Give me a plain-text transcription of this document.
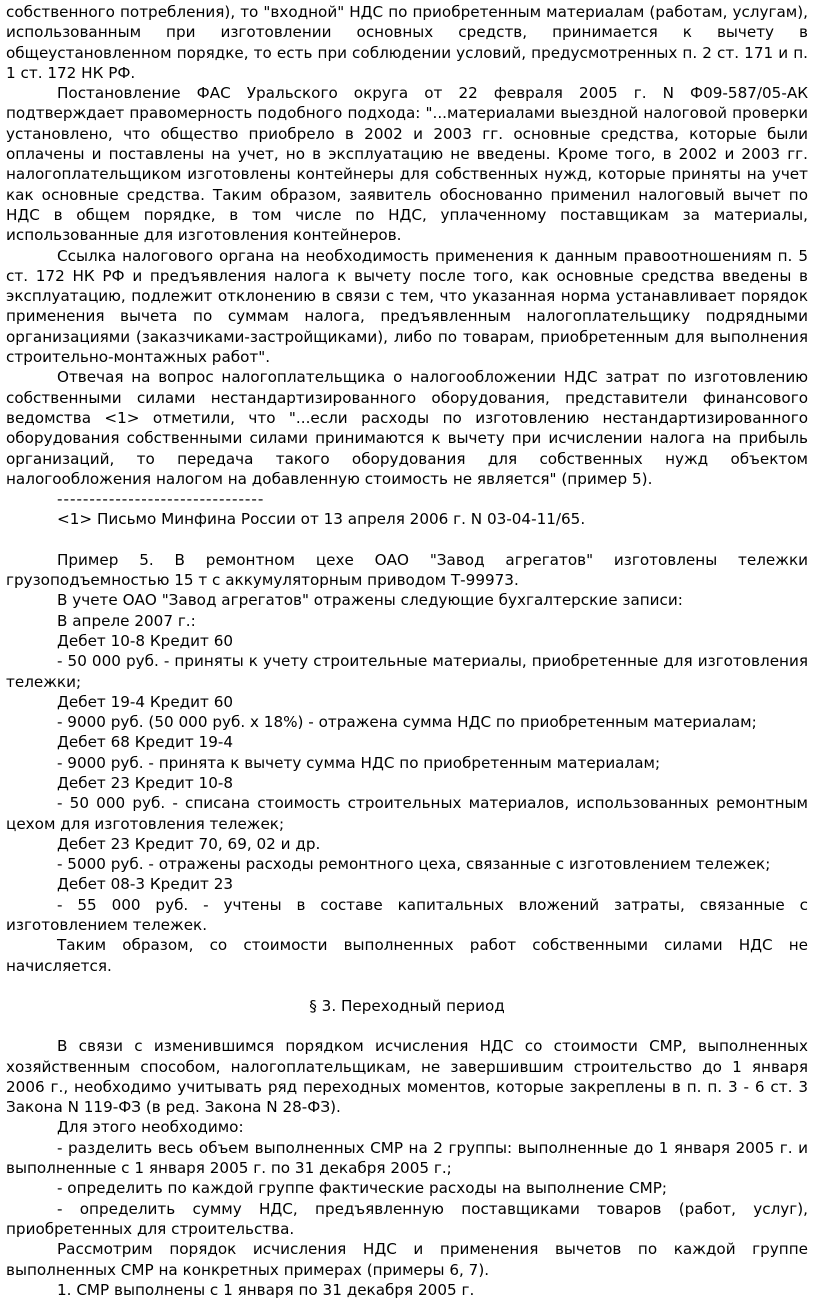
собственного потребления), то "входной" НДС по приобретенным материалам (работам, услугам), использованным при изготовлении основных средств, принимается к вычету в общеустановленном порядке, то есть при соблюдении условий, предусмотренных п. 2 ст. 171 и п. 1 ст. 172 НК РФ.

Постановление ФАС Уральского округа от 22 февраля 2005 г. N Ф09-587/05-АК подтверждает правомерность подобного подхода: "...материалами выездной налоговой проверки установлено, что общество приобрело в 2002 и 2003 гг. основные средства, которые были оплачены и поставлены на учет, но в эксплуатацию не введены. Кроме того, в 2002 и 2003 гг. налогоплательщиком изготовлены контейнеры для собственных нужд, которые приняты на учет как основные средства. Таким образом, заявитель обоснованно применил налоговый вычет по НДС в общем порядке, в том числе по НДС, уплаченному поставщикам за материалы, использованные для изготовления контейнеров.

Ссылка налогового органа на необходимость применения к данным правоотношениям п. 5 ст. 172 НК РФ и предъявления налога к вычету после того, как основные средства введены в эксплуатацию, подлежит отклонению в связи с тем, что указанная норма устанавливает порядок применения вычета по суммам налога, предъявленным налогоплательщику подрядными организациями (заказчиками-застройщиками), либо по товарам, приобретенным для выполнения строительно-монтажных работ".

Отвечая на вопрос налогоплательщика о налогообложении НДС затрат по изготовлению собственными силами нестандартизированного оборудования, представители финансового ведомства <1> отметили, что "...если расходы по изготовлению нестандартизированного оборудования собственными силами принимаются к вычету при исчислении налога на прибыль организаций, то передача такого оборудования для собственных нужд объектом налогообложения налогом на добавленную стоимость не является" (пример 5).

--------------------------------

<1> Письмо Минфина России от 13 апреля 2006 г. N 03-04-11/65.

Пример 5. В ремонтном цехе ОАО "Завод агрегатов" изготовлены тележки грузоподъемностью 15 т с аккумуляторным приводом Т-99973.

В учете ОАО "Завод агрегатов" отражены следующие бухгалтерские записи:

В апреле 2007 г.:

Дебет 10-8 Кредит 60

- 50 000 руб. - приняты к учету строительные материалы, приобретенные для изготовления тележки;

Дебет 19-4 Кредит 60

- 9000 руб. (50 000 руб. x 18%) - отражена сумма НДС по приобретенным материалам;

Дебет 68 Кредит 19-4

- 9000 руб. - принята к вычету сумма НДС по приобретенным материалам;

Дебет 23 Кредит 10-8

- 50 000 руб. - списана стоимость строительных материалов, использованных ремонтным цехом для изготовления тележек;

Дебет 23 Кредит 70, 69, 02 и др.

- 5000 руб. - отражены расходы ремонтного цеха, связанные с изготовлением тележек;

Дебет 08-3 Кредит 23

- 55 000 руб. - учтены в составе капитальных вложений затраты, связанные с изготовлением тележек.

Таким образом, со стоимости выполненных работ собственными силами НДС не начисляется.

§ 3. Переходный период

В связи с изменившимся порядком исчисления НДС со стоимости СМР, выполненных хозяйственным способом, налогоплательщикам, не завершившим строительство до 1 января 2006 г., необходимо учитывать ряд переходных моментов, которые закреплены в п. п. 3 - 6 ст. 3 Закона N 119-ФЗ (в ред. Закона N 28-ФЗ).

Для этого необходимо:

- разделить весь объем выполненных СМР на 2 группы: выполненные до 1 января 2005 г. и выполненные с 1 января 2005 г. по 31 декабря 2005 г.;

- определить по каждой группе фактические расходы на выполнение СМР;

- определить сумму НДС, предъявленную поставщиками товаров (работ, услуг), приобретенных для строительства.

Рассмотрим порядок исчисления НДС и применения вычетов по каждой группе выполненных СМР на конкретных примерах (примеры 6, 7).

1. СМР выполнены с 1 января по 31 декабря 2005 г.
